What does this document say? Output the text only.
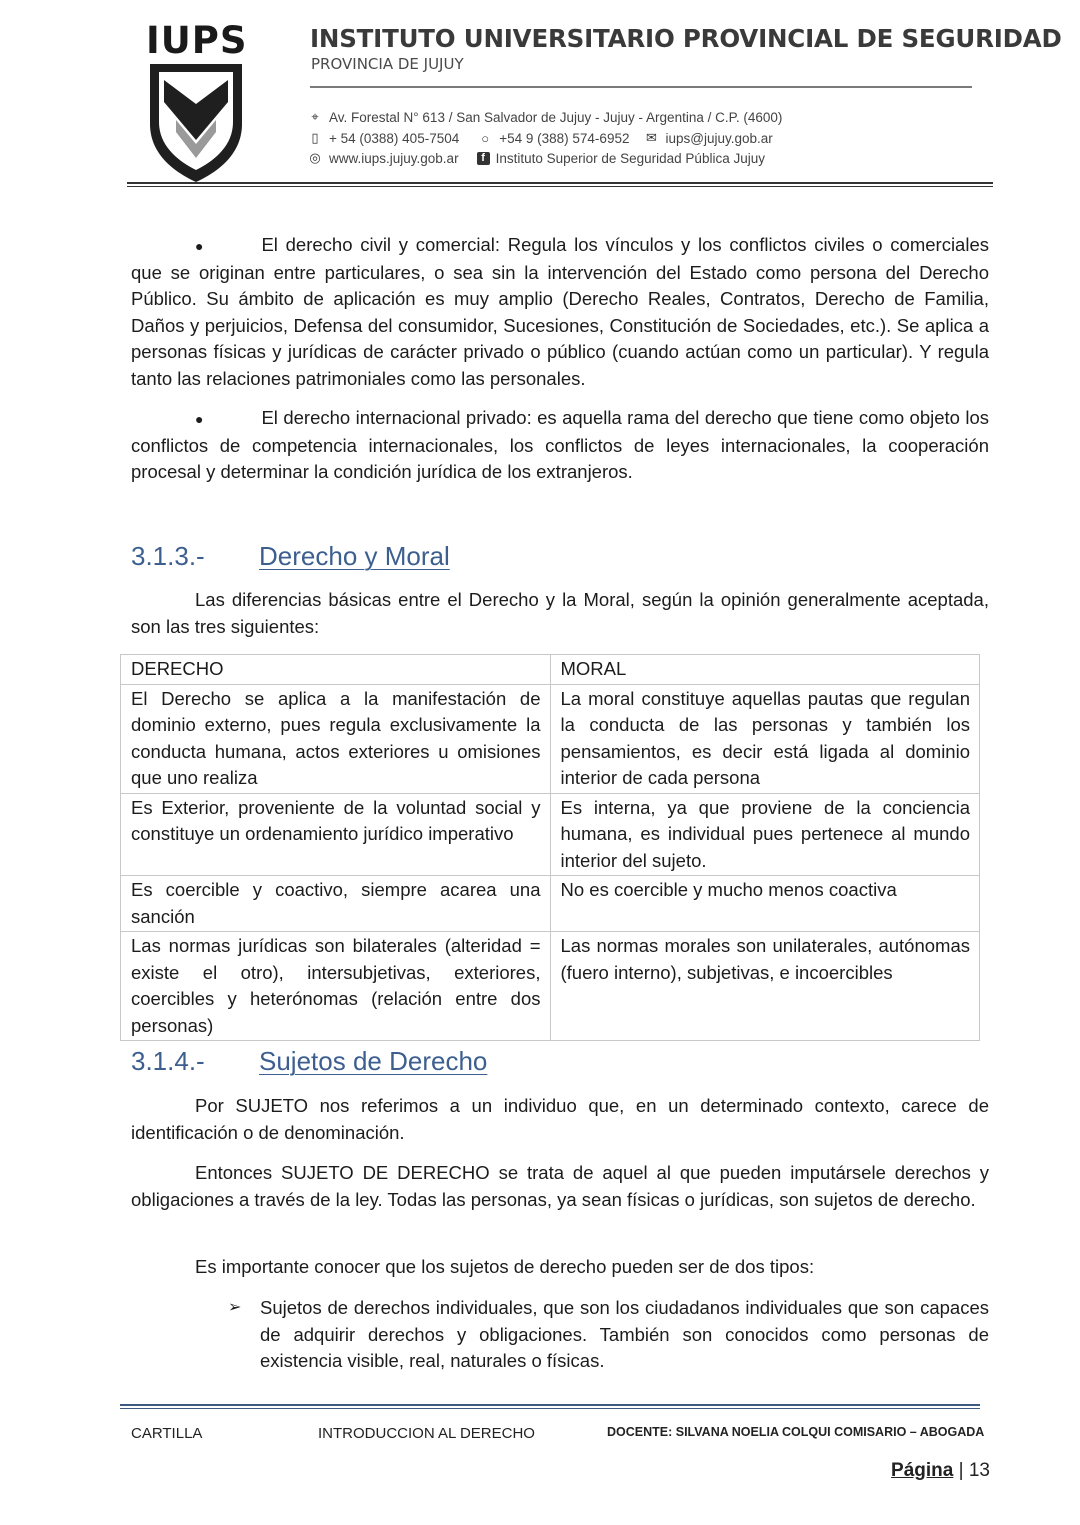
IUPS	INSTITUTO UNIVERSITARIO PROVINCIAL DE SEGURIDAD
PROVINCIA DE JUJUY
⌖ Av. Forestal N° 613 / San Salvador de Jujuy - Jujuy - Argentina / C.P. (4600)
▯ + 54 (0388) 405-7504	○ +54 9 (388) 574-6952 ✉ iups@jujuy.gob.ar
◎ www.iups.jujuy.gob.ar	f Instituto Superior de Seguridad Pública Jujuy
●	El derecho civil y comercial: Regula los vínculos y los conflictos civiles o comerciales que se originan entre particulares, o sea sin la intervención del Estado como persona del Derecho Público. Su ámbito de aplicación es muy amplio (Derecho Reales, Contratos, Derecho de Familia, Daños y perjuicios, Defensa del consumidor, Sucesiones, Constitución de Sociedades, etc.). Se aplica a personas físicas y jurídicas de carácter privado o público (cuando actúan como un particular). Y regula tanto las relaciones patrimoniales como las personales.
●	El derecho internacional privado: es aquella rama del derecho que tiene como objeto los conflictos de competencia internacionales, los conflictos de leyes internacionales, la cooperación procesal y determinar la condición jurídica de los extranjeros.
3.1.3.- Derecho y Moral
Las diferencias básicas entre el Derecho y la Moral, según la opinión generalmente aceptada, son las tres siguientes:
DERECHO	MORAL
El Derecho se aplica a la manifestación de dominio externo, pues regula exclusivamente la conducta humana, actos exteriores u omisiones que uno realiza	La moral constituye aquellas pautas que regulan la conducta de las personas y también los pensamientos, es decir está ligada al dominio interior de cada persona
Es Exterior, proveniente de la voluntad social y constituye un ordenamiento jurídico imperativo	Es interna, ya que proviene de la conciencia humana, es individual pues pertenece al mundo interior del sujeto.
Es coercible y coactivo, siempre acarea una sanción	No es coercible y mucho menos coactiva
Las normas jurídicas son bilaterales (alteridad = existe el otro), intersubjetivas, exteriores, coercibles y heterónomas (relación entre dos personas)	Las normas morales son unilaterales, autónomas (fuero interno), subjetivas, e incoercibles
3.1.4.- Sujetos de Derecho
Por SUJETO nos referimos a un individuo que, en un determinado contexto, carece de identificación o de denominación.
Entonces SUJETO DE DERECHO se trata de aquel al que pueden imputársele derechos y obligaciones a través de la ley. Todas las personas, ya sean físicas o jurídicas, son sujetos de derecho.
Es importante conocer que los sujetos de derecho pueden ser de dos tipos:
➢	Sujetos de derechos individuales, que son los ciudadanos individuales que son capaces de adquirir derechos y obligaciones. También son conocidos como personas de existencia visible, real, naturales o físicas.
CARTILLA	INTRODUCCION AL DERECHO	DOCENTE: SILVANA NOELIA COLQUI COMISARIO – ABOGADA
Página | 13
